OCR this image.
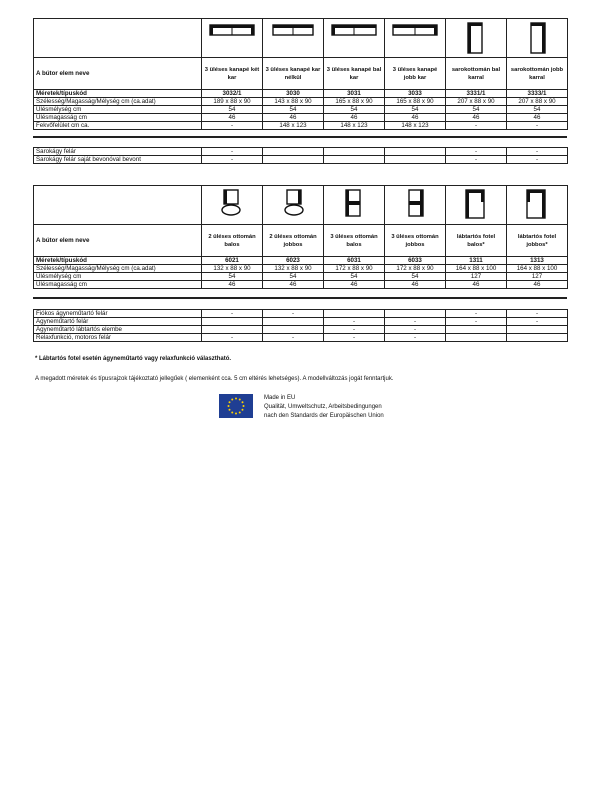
A bútor elem neve	3 üléses kanapé két kar	3 üléses kanapé kar nélkül	3 üléses kanapé bal kar	3 üléses kanapé jobb kar	sarokottomán bal karral	sarokottomán jobb karral
Méretek/típuskód	3032/1	3030	3031	3033	3331/1	3333/1
Szélesség/Magasság/Mélység cm (ca.adat)	189 x 88 x 90	143 x 88 x 90	165 x 88 x 90	165 x 88 x 90	207 x 88 x 90	207 x 88 x 90
Ülésmélység cm	54	54	54	54	54	54
Ülésmagasság cm	46	46	46	46	46	46
Fekvőfelület cm ca.	-	148 x 123	148 x 123	148 x 123	-	-
Sarokágy felár	-				-	-
Sarokágy felár saját bevonóval bevont	-				-	-

A bútor elem neve	2 üléses ottomán balos	2 üléses ottomán jobbos	3 üléses ottomán balos	3 üléses ottomán jobbos	lábtartós fotel balos*	lábtartós fotel jobbos*
Méretek/típuskód	6021	6023	6031	6033	1311	1313
Szélesség/Magasság/Mélység cm (ca.adat)	132 x 88 x 90	132 x 88 x 90	172 x 88 x 90	172 x 88 x 90	164 x 88 x 100	164 x 88 x 100
Ülésmélység cm	54	54	54	54	127	127
Ülésmagasság cm	46	46	46	46	46	46
Fiókos ágyneműtartó felár	-	-			-	-
Ágyneműtartó felár			-	-	-	-
Ágyneműtartó lábtartós elembe			-	-		
Relaxfunkció, motoros felár	-	-	-	-		
* Lábtartós fotel esetén ágyneműtartó vagy relaxfunkció választható.
A megadott méretek és típusrajzok tájékoztató jellegűek ( elemenként cca. 5 cm eltérés lehetséges). A modellváltozás jogát fenntartjuk.
Made in EU
Qualität, Umweltschutz, Arbeitsbedingungen
nach den Standards der Europäischen Union
